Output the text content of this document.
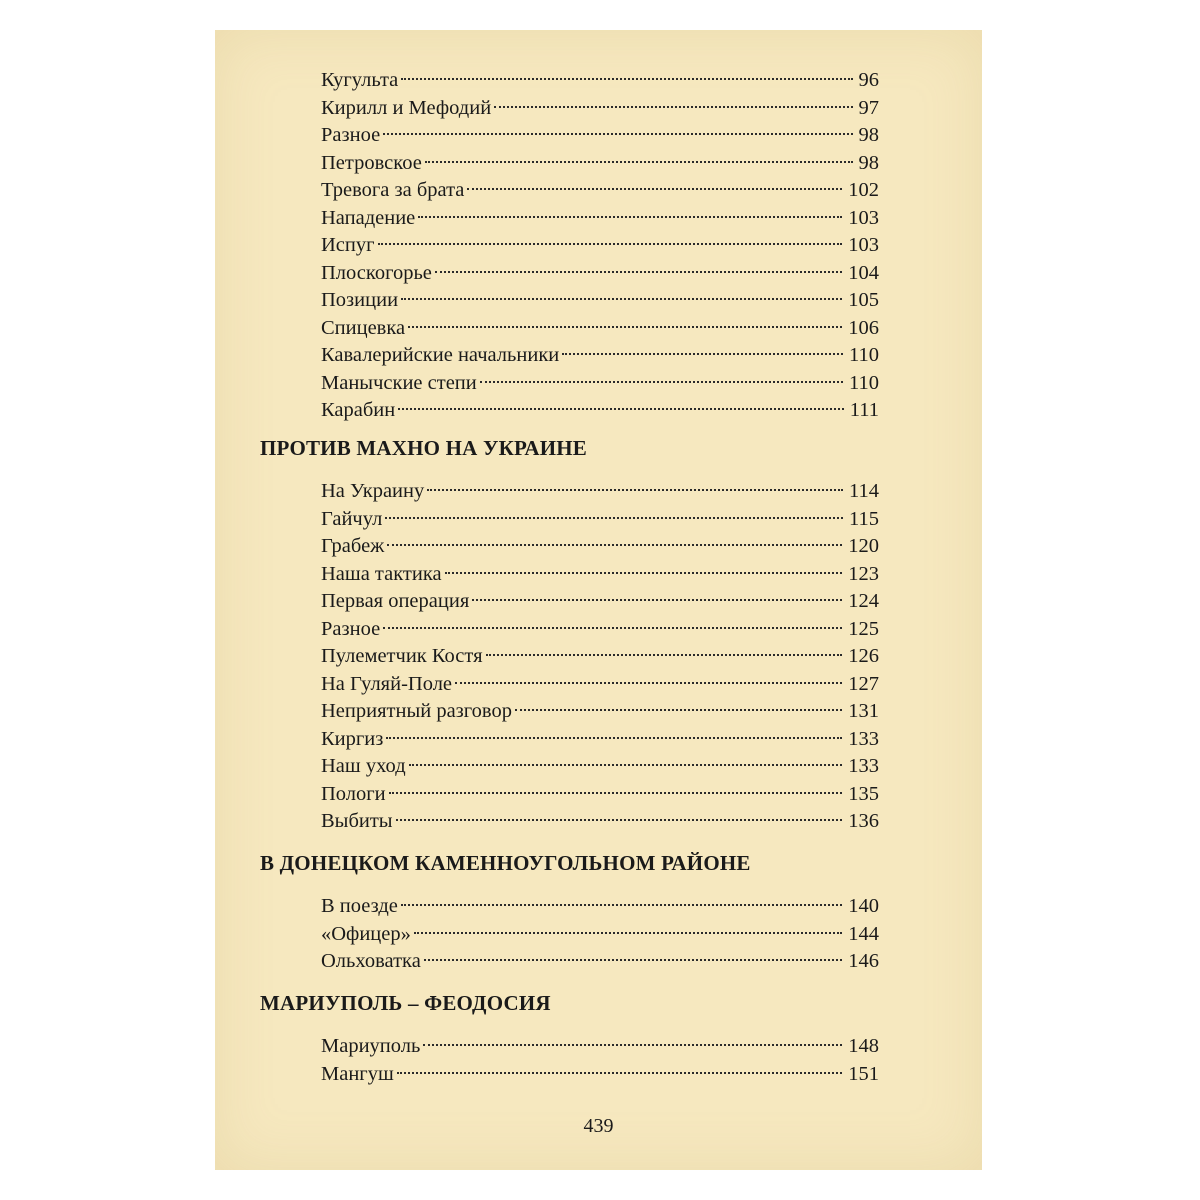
Кугульта	96
Кирилл и Мефодий	97
Разное	98
Петровское	98
Тревога за брата	102
Нападение	103
Испуг	103
Плоскогорье	104
Позиции	105
Спицевка	106
Кавалерийские начальники	110
Манычские степи	110
Карабин	111
ПРОТИВ МАХНО НА УКРАИНЕ
На Украину	114
Гайчул	115
Грабеж	120
Наша тактика	123
Первая операция	124
Разное	125
Пулеметчик Костя	126
На Гуляй-Поле	127
Неприятный разговор	131
Киргиз	133
Наш уход	133
Пологи	135
Выбиты	136
В ДОНЕЦКОМ КАМЕННОУГОЛЬНОМ РАЙОНЕ
В поезде	140
«Офицер»	144
Ольховатка	146
МАРИУПОЛЬ – ФЕОДОСИЯ
Мариуполь	148
Мангуш	151
439
